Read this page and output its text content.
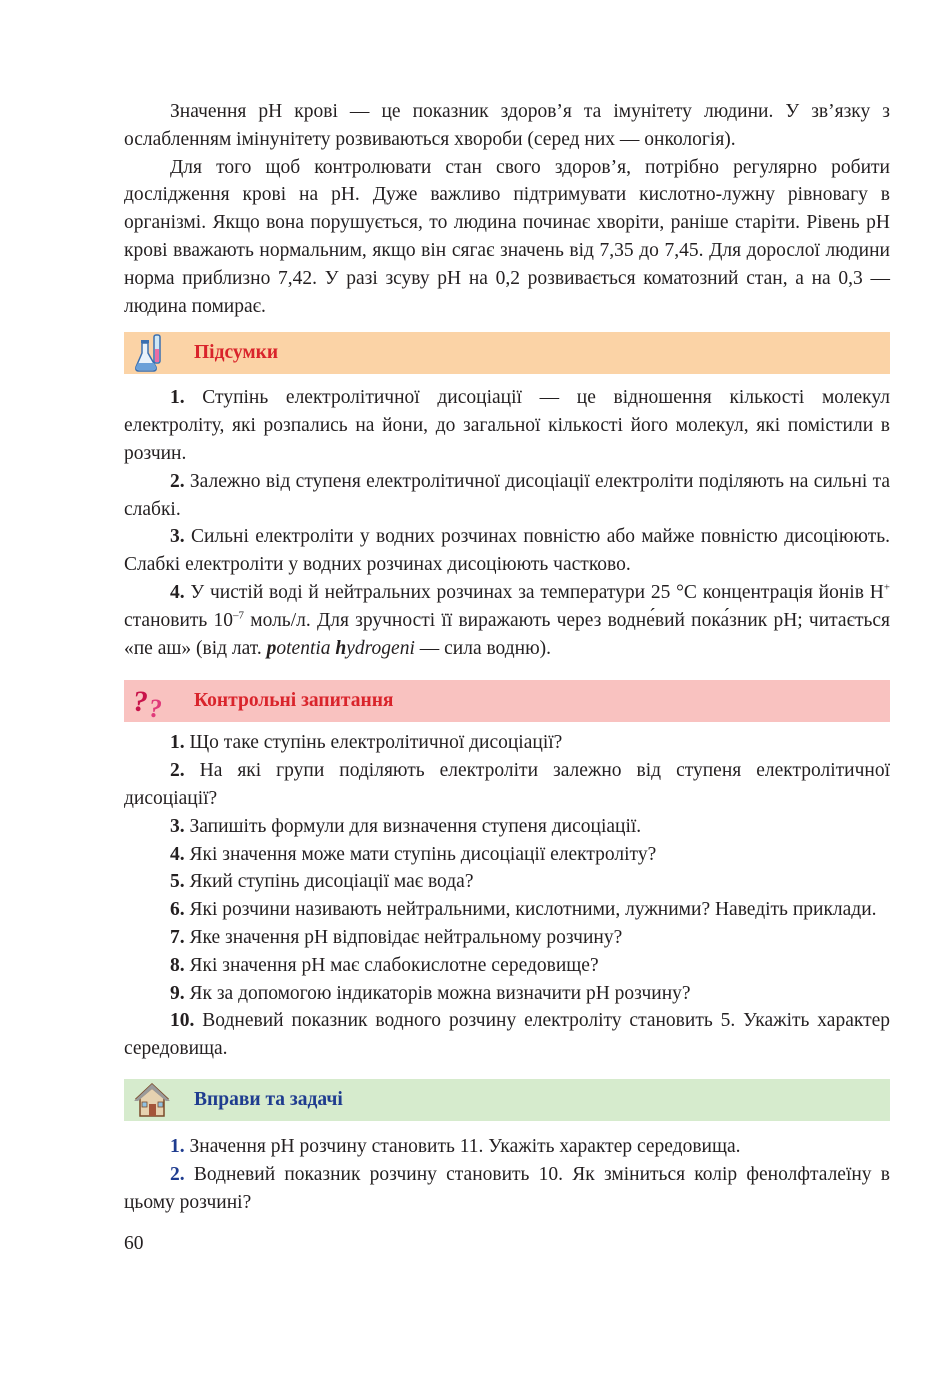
Значення pH крові — це показник здоров’я та імунітету людини. У зв’язку з ослабленням імінунітету розвиваються хвороби (серед них — онкологія).

Для того щоб контролювати стан свого здоров’я, потрібно регулярно робити дослідження крові на pH. Дуже важливо підтримувати кислотно-лужну рівновагу в організмі. Якщо вона порушується, то людина починає хворіти, раніше старіти. Рівень pH крові вважають нормальним, якщо він сягає значень від 7,35 до 7,45. Для дорослої людини норма приблизно 7,42. У разі зсуву pH на 0,2 розвивається коматозний стан, а на 0,3 — людина помирає.

Підсумки

1. Ступінь електролітичної дисоціації — це відношення кількості молекул електроліту, які розпались на йони, до загальної кількості його молекул, які помістили в розчин.

2. Залежно від ступеня електролітичної дисоціації електроліти поділяють на сильні та слабкі.

3. Сильні електроліти у водних розчинах повністю або майже повністю дисоціюють. Слабкі електроліти у водних розчинах дисоціюють частково.

4. У чистій воді й нейтральних розчинах за температури 25 °С концентрація йонів Н+ становить $10^{-7}$ моль/л. Для зручності її виражають через водне́вий пока́зник pH; читається «пе аш» (від лат. potentia hydrogeni — сила водню).

? ? Контрольні запитання

1. Що таке ступінь електролітичної дисоціації?

2. На які групи поділяють електроліти залежно від ступеня електролітичної дисоціації?

3. Запишіть формули для визначення ступеня дисоціації.

4. Які значення може мати ступінь дисоціації електроліту?

5. Який ступінь дисоціації має вода?

6. Які розчини називають нейтральними, кислотними, лужними? Наведіть приклади.

7. Яке значення pH відповідає нейтральному розчину?

8. Які значення pH має слабокислотне середовище?

9. Як за допомогою індикаторів можна визначити pH розчину?

10. Водневий показник водного розчину електроліту становить 5. Укажіть характер середовища.

Вправи та задачі

1. Значення pH розчину становить 11. Укажіть характер середовища.

2. Водневий показник розчину становить 10. Як зміниться колір фенолфталеїну в цьому розчині?

60
